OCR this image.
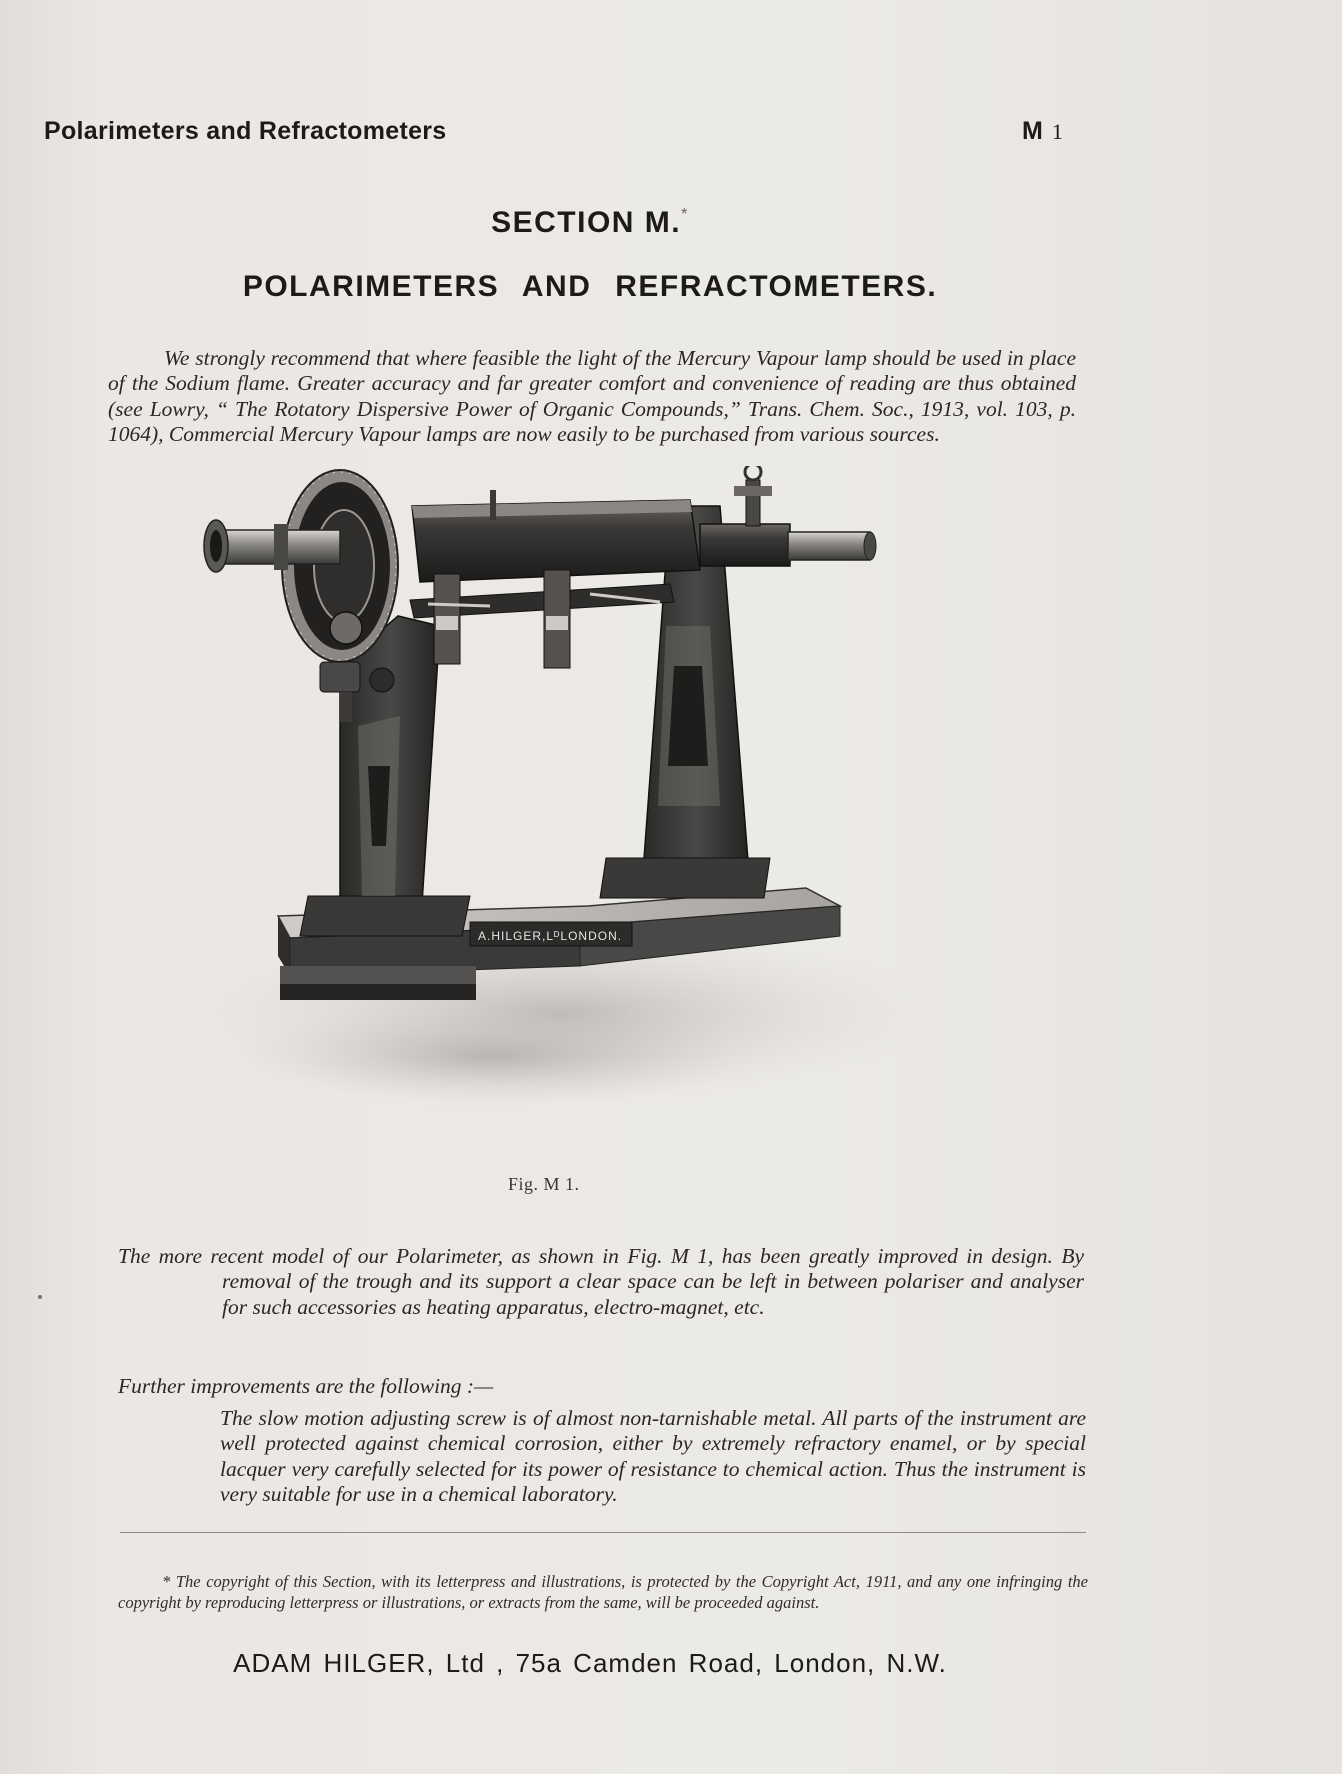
Polarimeters and Refractometers	M 1
SECTION M.*
POLARIMETERS AND REFRACTOMETERS.

We strongly recommend that where feasible the light of the Mercury Vapour lamp should be used in place of the Sodium flame. Greater accuracy and far greater comfort and convenience of reading are thus obtained (see Lowry, “ The Rotatory Dispersive Power of Organic Compounds,” Trans. Chem. Soc., 1913, vol. 103, p. 1064), Commercial Mercury Vapour lamps are now easily to be purchased from various sources.

A.HILGER,LᴰLONDON.
Fig. M 1.

The more recent model of our Polarimeter, as shown in Fig. M 1, has been greatly improved in design. By removal of the trough and its support a clear space can be left in between polariser and analyser for such accessories as heating apparatus, electro-magnet, etc.

Further improvements are the following :—

The slow motion adjusting screw is of almost non-tarnishable metal. All parts of the instrument are well protected against chemical corrosion, either by extremely refractory enamel, or by special lacquer very carefully selected for its power of resistance to chemical action. Thus the instrument is very suitable for use in a chemical laboratory.

* The copyright of this Section, with its letterpress and illustrations, is protected by the Copyright Act, 1911, and any one infringing the copyright by reproducing letterpress or illustrations, or extracts from the same, will be proceeded against.

ADAM HILGER, Ltd , 75a Camden Road, London, N.W.
